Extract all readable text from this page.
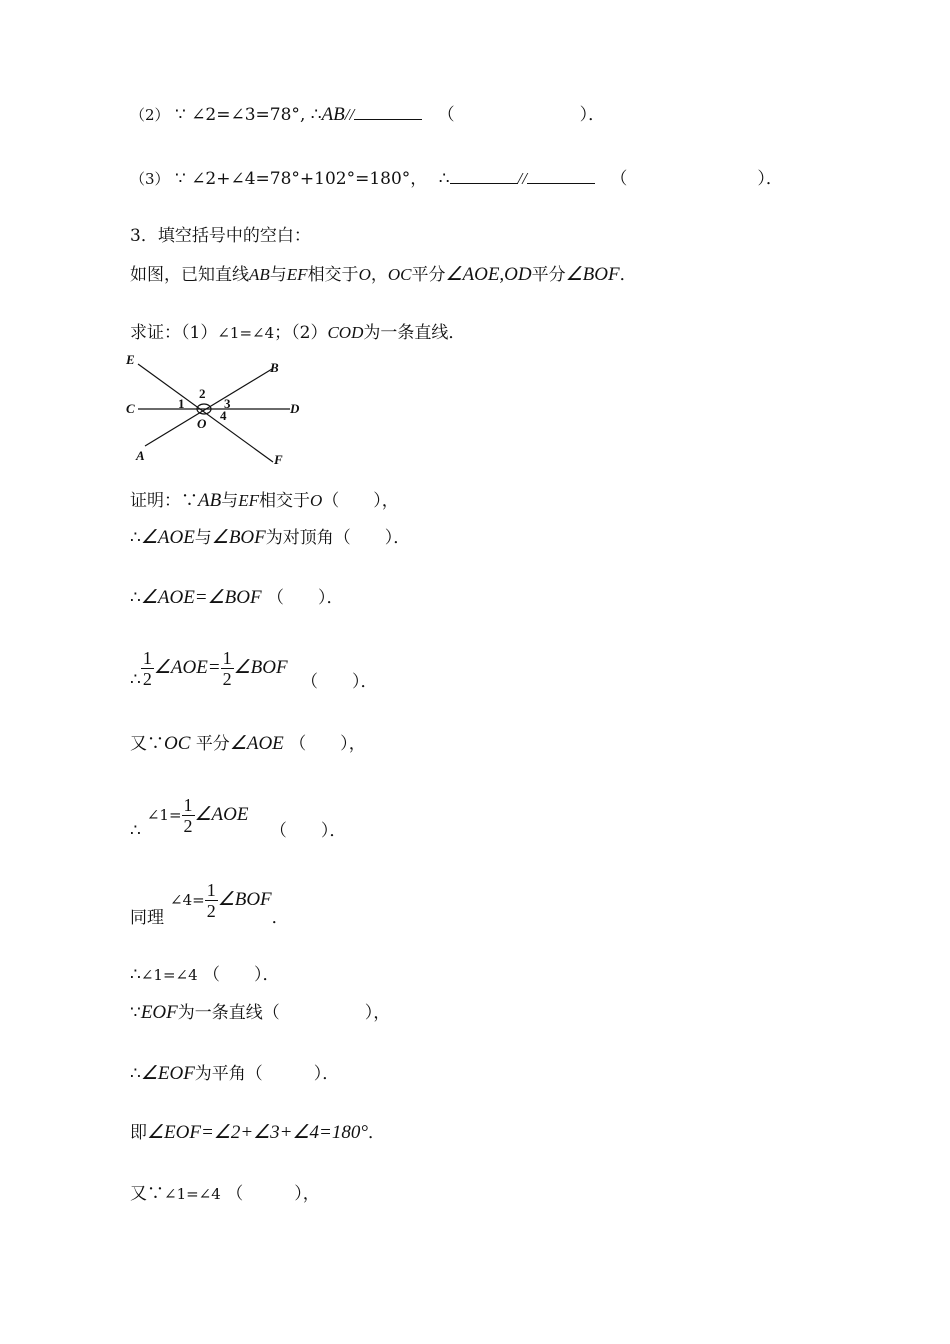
（2） ∵ ∠2=∠3=78°, ∴AB//	（	）．
（3） ∵ ∠2+∠4=78°+102°=180°， ∴	//	（	）．
3．填空括号中的空白：
如图，已知直线AB与EF相交于O，OC平分∠AOE,OD平分∠BOF．
求证：（1）∠1=∠4；（2）COD为一条直线．
E
B
C	D
A	F
O
1
2
3
4
证明：∵AB与EF相交于O（　　），
∴∠AOE与∠BOF为对顶角（　　）．
∴∠AOE=∠BOF （　　）．
∴ $\frac{1}{2}$ ∠AOE= $\frac{1}{2}$ ∠BOF （　　）．
又∵OC 平分∠AOE （　　），
∴∠1= $\frac{1}{2}$ ∠AOE （　　）．
同理∠4= $\frac{1}{2}$ ∠BOF．
∴∠1=∠4 （　　）．
∵EOF为一条直线（　　　　　），
∴∠EOF为平角（　　　）．
即∠EOF=∠2+∠3+∠4=180°．
又∵∠1=∠4 （　　　），
